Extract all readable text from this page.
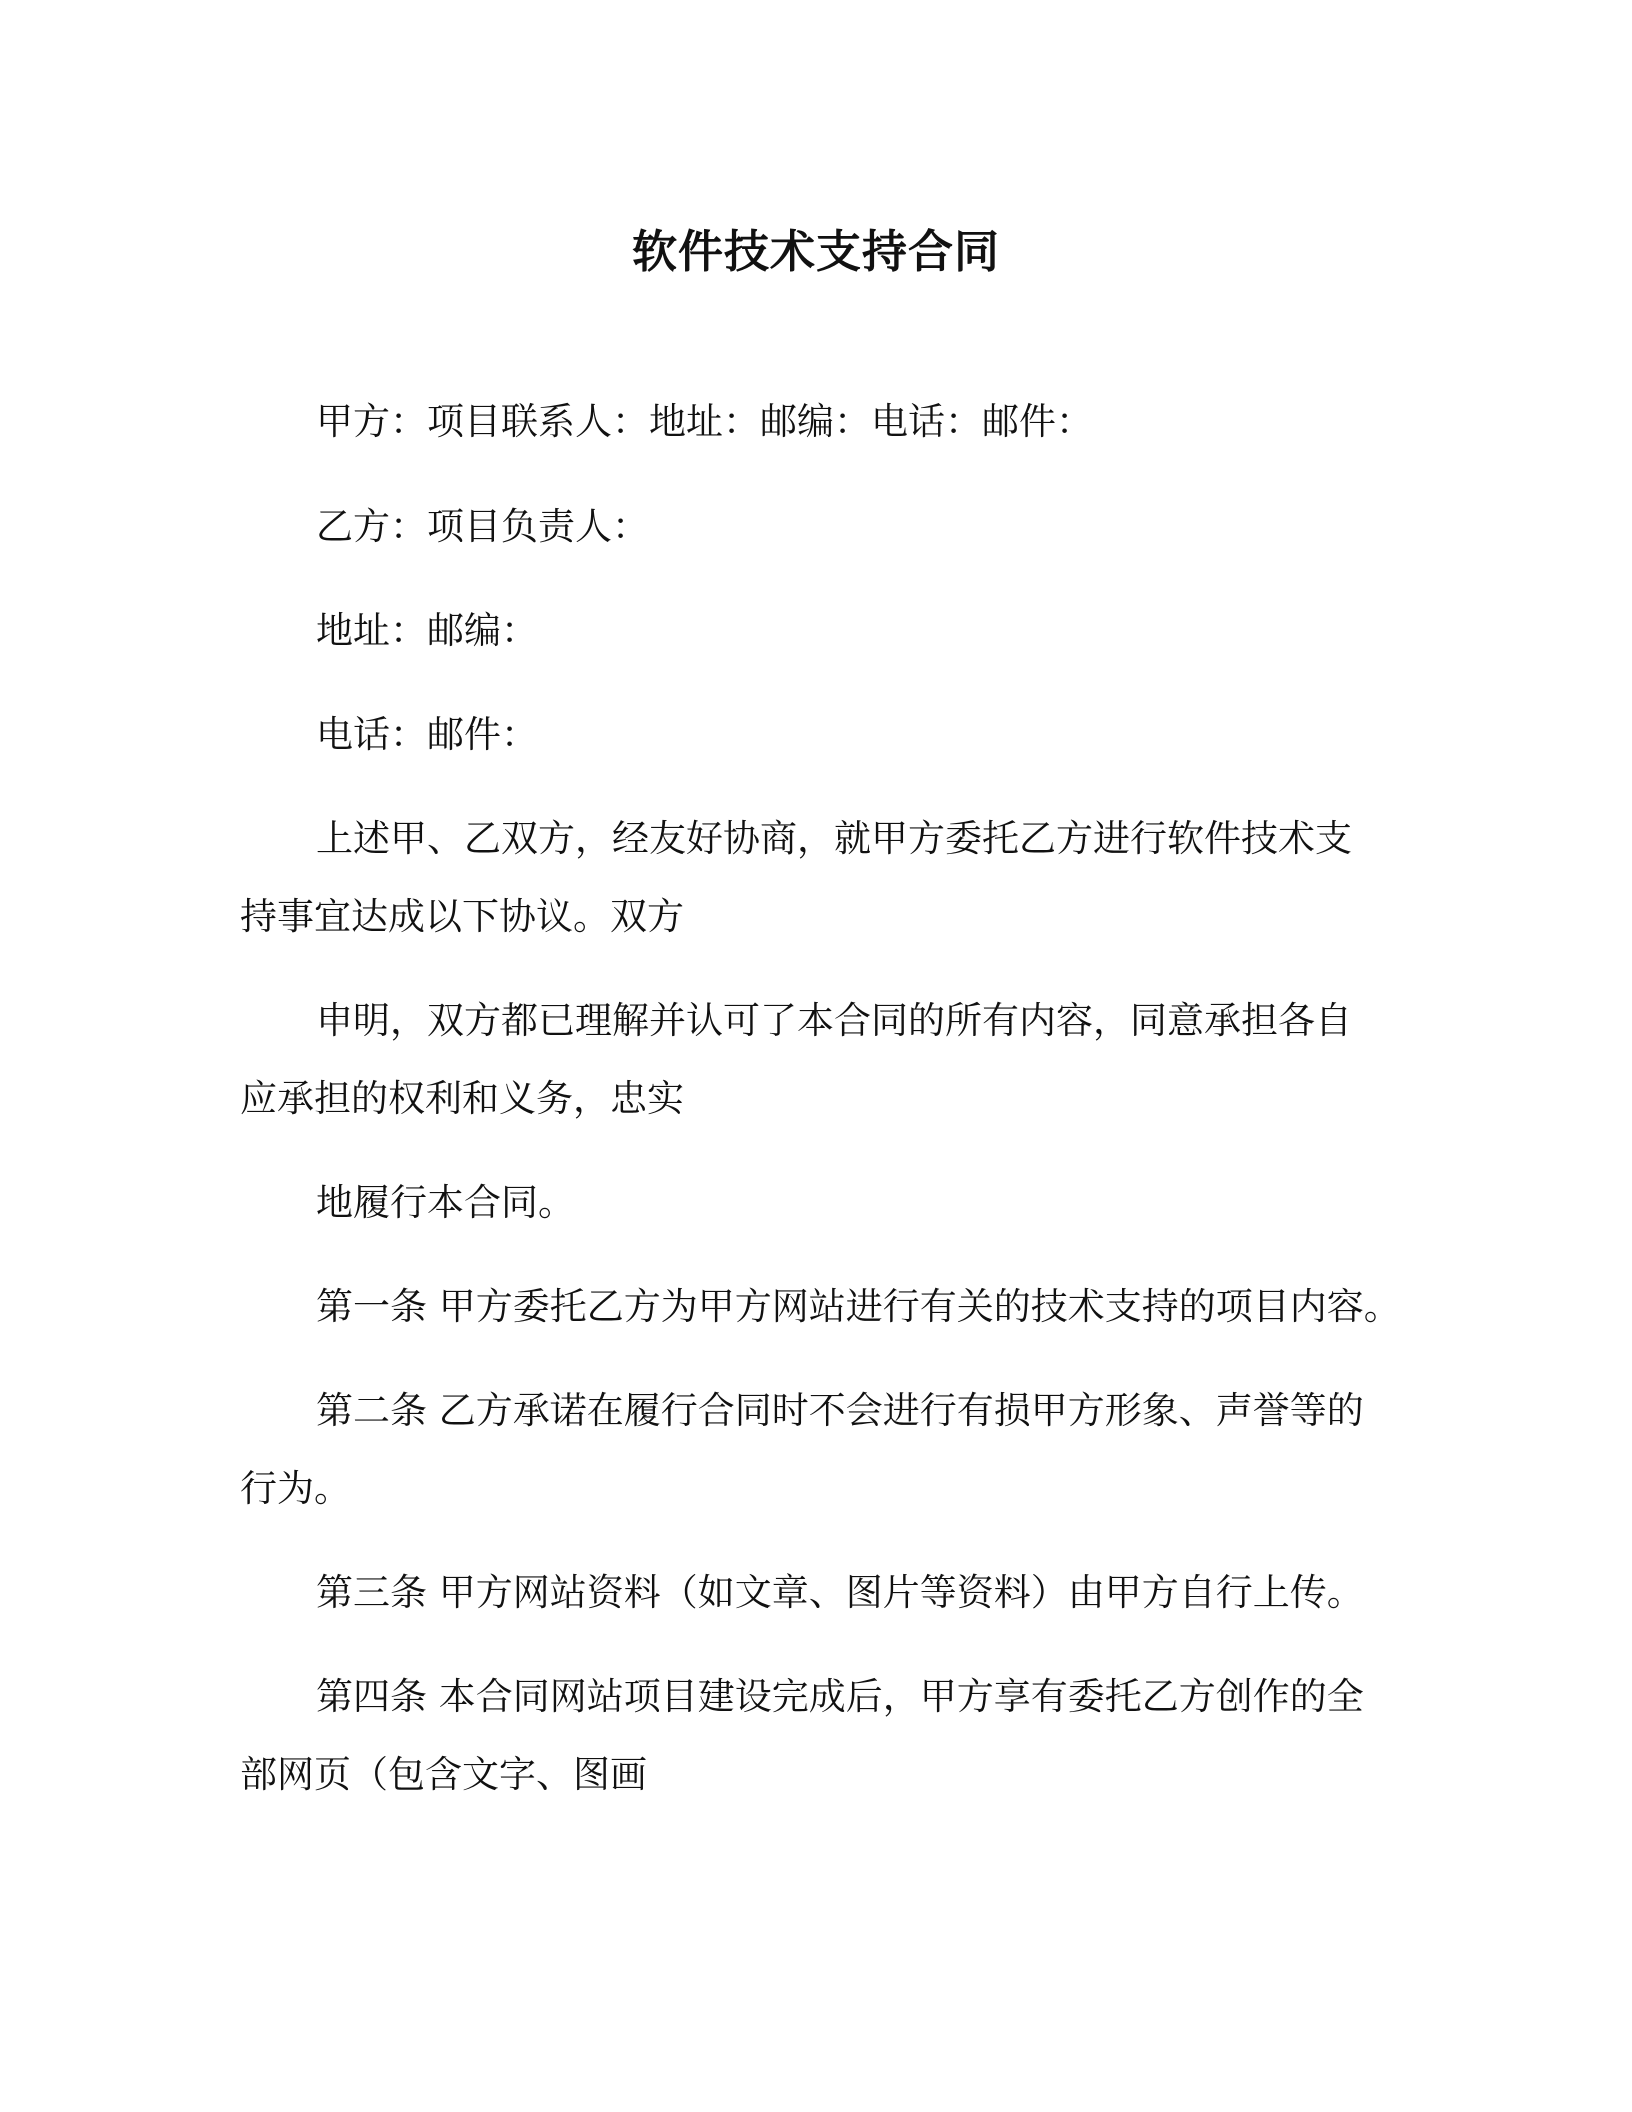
软件技术支持合同
甲方：项目联系人：地址：邮编：电话：邮件：
乙方：项目负责人：
地址：邮编：
电话：邮件：
上述甲、乙双方，经友好协商，就甲方委托乙方进行软件技术支
持事宜达成以下协议。双方
申明，双方都已理解并认可了本合同的所有内容，同意承担各自
应承担的权利和义务，忠实
地履行本合同。
第一条 甲方委托乙方为甲方网站进行有关的技术支持的项目内容。
第二条 乙方承诺在履行合同时不会进行有损甲方形象、声誉等的
行为。
第三条 甲方网站资料（如文章、图片等资料）由甲方自行上传。
第四条 本合同网站项目建设完成后，甲方享有委托乙方创作的全
部网页（包含文字、图画
